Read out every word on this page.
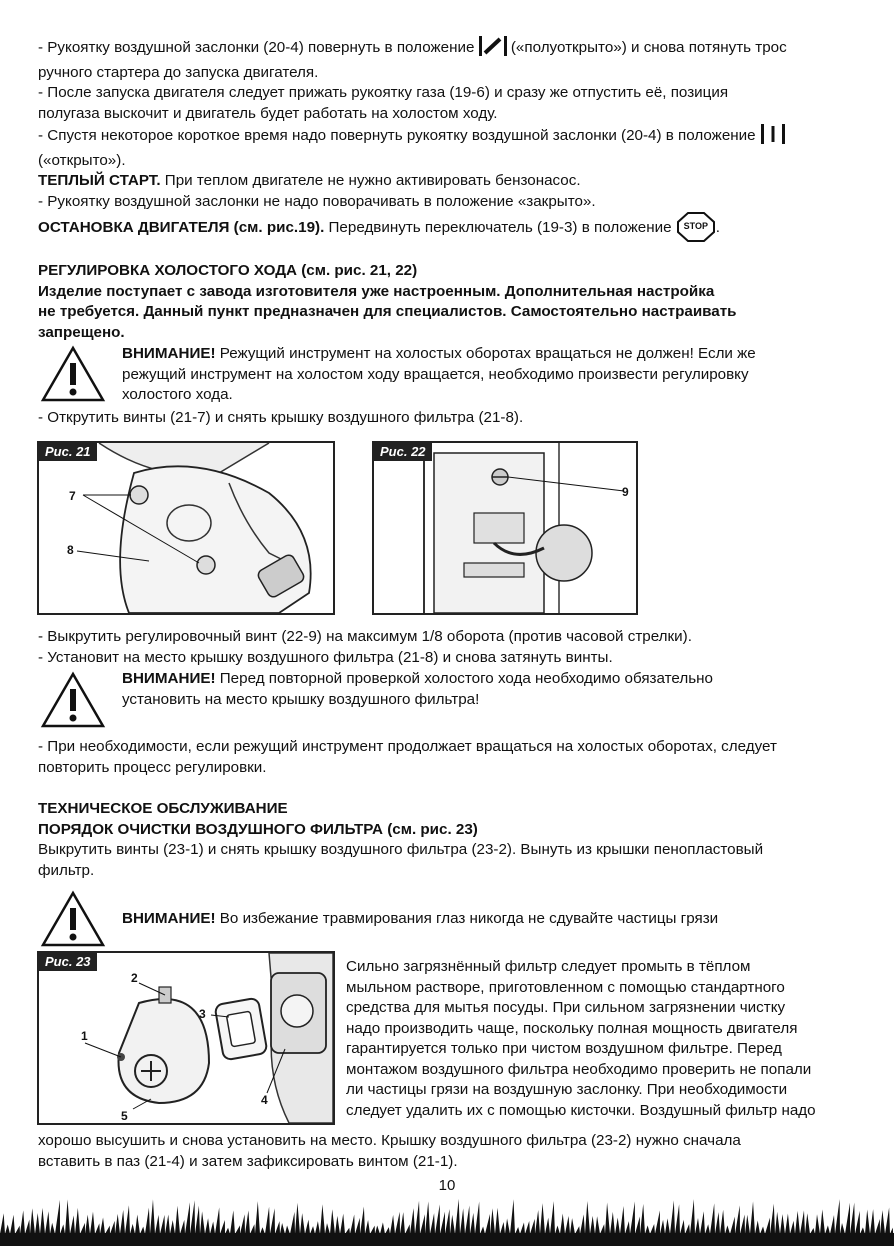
- Рукоятку воздушной заслонки (20-4) повернуть в положение («полуоткрыто») и снова потянуть трос
ручного стартера до запуска двигателя.
- После запуска двигателя следует прижать рукоятку газа (19-6) и сразу же отпустить её, позиция
полугаза выскочит и двигатель будет работать на холостом ходу.
- Спустя некоторое короткое время надо повернуть рукоятку воздушной заслонки (20-4) в положение
(«открыто»).
ТЕПЛЫЙ СТАРТ. При теплом двигателе не нужно активировать бензонасос.
- Рукоятку воздушной заслонки не надо поворачивать в положение «закрыто».
ОСТАНОВКА ДВИГАТЕЛЯ (см. рис.19). Передвинуть переключатель (19-3) в положение	STOP .
РЕГУЛИРОВКА ХОЛОСТОГО ХОДА (см. рис. 21, 22)
Изделие поступает с завода изготовителя уже настроенным. Дополнительная настройка
не требуется. Данный пункт предназначен для специалистов. Самостоятельно настраивать
запрещено.
ВНИМАНИЕ! Режущий инструмент на холостых оборотах вращаться не должен! Если же
режущий инструмент на холостом ходу вращается, необходимо произвести регулировку
холостого хода.
- Открутить винты (21-7) и снять крышку воздушного фильтра (21-8).
Рис. 21
7
8
Рис. 22
9
- Выкрутить регулировочный винт (22-9) на максимум 1/8 оборота (против часовой стрелки).
- Установит на место крышку воздушного фильтра (21-8) и снова затянуть винты.
ВНИМАНИЕ! Перед повторной проверкой холостого хода необходимо обязательно
установить на место крышку воздушного фильтра!
- При необходимости, если режущий инструмент продолжает вращаться на холостых оборотах, следует
повторить процесс регулировки.
ТЕХНИЧЕСКОЕ ОБСЛУЖИВАНИЕ
ПОРЯДОК ОЧИСТКИ ВОЗДУШНОГО ФИЛЬТРА (см. рис. 23)
Выкрутить винты (23-1) и снять крышку воздушного фильтра (23-2). Вынуть из крышки пенопластовый
фильтр.
ВНИМАНИЕ! Во избежание травмирования глаз никогда не сдувайте частицы грязи
Рис. 23
1
2
3
4
5
Сильно загрязнённый фильтр следует промыть в тёплом
мыльном растворе, приготовленном с помощью стандартного
средства для мытья посуды. При сильном загрязнении чистку
надо производить чаще, поскольку полная мощность двигателя
гарантируется только при чистом воздушном фильтре. Перед
монтажом воздушного фильтра необходимо проверить не попали
ли частицы грязи на воздушную заслонку. При необходимости
следует удалить их с помощью кисточки. Воздушный фильтр надо
хорошо высушить и снова установить на место. Крышку воздушного фильтра (23-2) нужно сначала
вставить в паз (21-4) и затем зафиксировать винтом (21-1).
10
